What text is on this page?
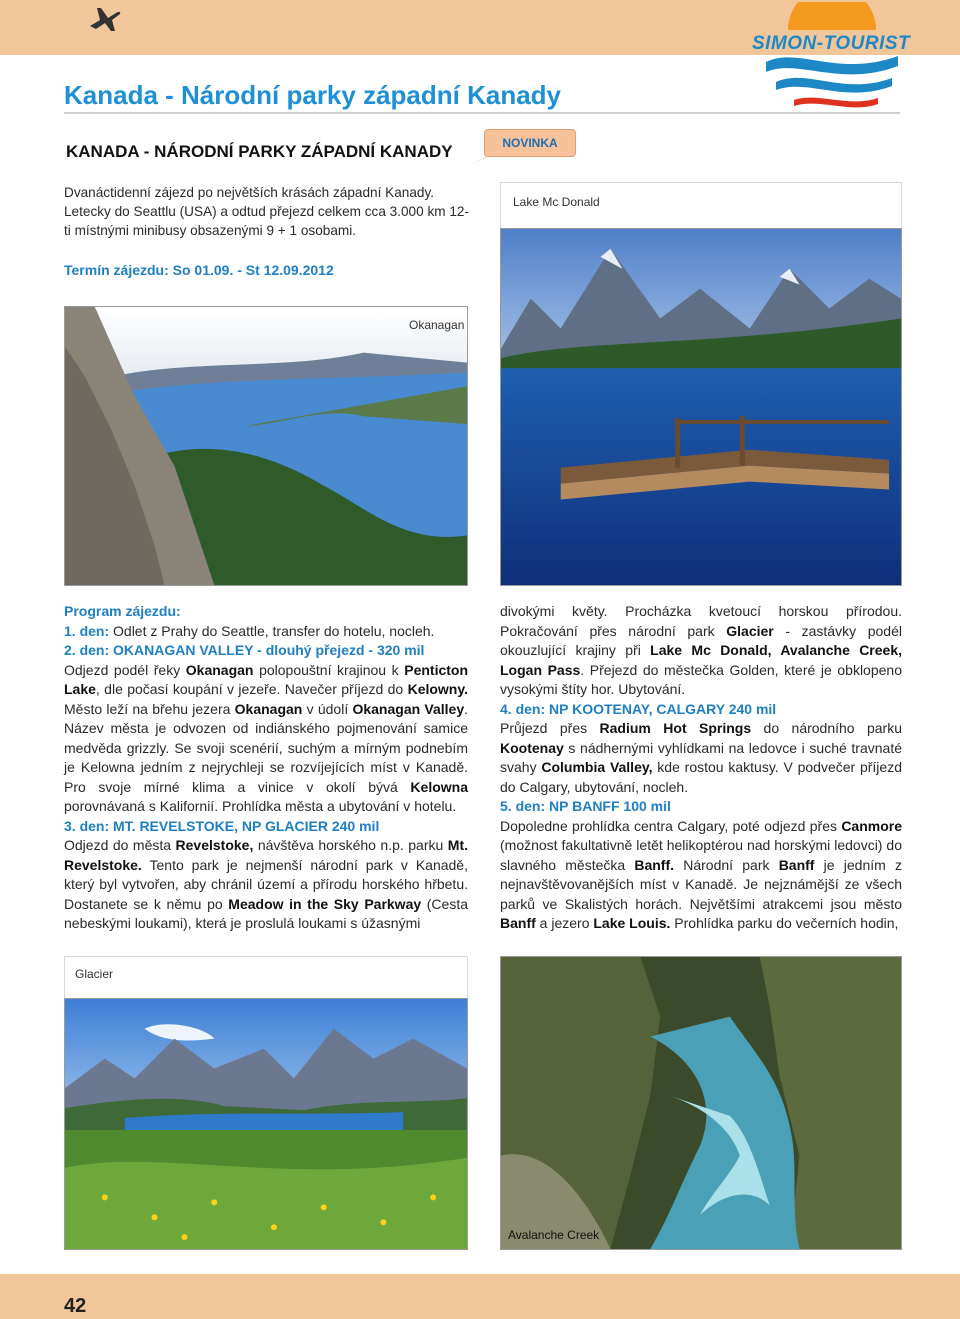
SIMON-TOURIST
Kanada - Národní parky západní Kanady
KANADA - NÁRODNÍ PARKY ZÁPADNÍ KANADY	NOVINKA
Dvanáctidenní zájezd po největších krásách západní Kanady. Letecky do Seattlu (USA) a odtud přejezd celkem cca 3.000 km 12-ti místnými minibusy obsazenými 9 + 1 osobami.
Termín zájezdu: So 01.09. - St 12.09.2012
Lake Mc Donald
Okanagan

Program zájezdu:

1. den: Odlet z Prahy do Seattle, transfer do hotelu, nocleh.

2. den: OKANAGAN VALLEY - dlouhý přejezd - 320 mil

Odjezd podél řeky Okanagan polopouštní krajinou k Penticton Lake, dle počasí koupání v jezeře. Navečer příjezd do Kelowny. Město leží na břehu jezera Okanagan v údolí Okanagan Valley. Název města je odvozen od indiánského pojmenování samice medvěda grizzly. Se svoji scenérií, suchým a mírným podnebím je Kelowna jedním z nejrychleji se rozvíjejících míst v Kanadě. Pro svoje mírné klima a vinice v okolí bývá Kelowna porovnávaná s Kalifornií. Prohlídka města a ubytování v hotelu.

3. den: MT. REVELSTOKE, NP GLACIER 240 mil

Odjezd do města Revelstoke, návštěva horského n.p. parku Mt. Revelstoke. Tento park je nejmenší národní park v Kanadě, který byl vytvořen, aby chránil území a přírodu horského hřbetu. Dostanete se k němu po Meadow in the Sky Parkway (Cesta nebeskými loukami), která je proslulá loukami s úžasnými

divokými květy. Procházka kvetoucí horskou přírodou. Pokračování přes národní park Glacier - zastávky podél okouzlující krajiny při Lake Mc Donald, Avalanche Creek, Logan Pass. Přejezd do městečka Golden, které je obklopeno vysokými štíty hor. Ubytování.

4. den: NP KOOTENAY, CALGARY 240 mil

Průjezd přes Radium Hot Springs do národního parku Kootenay s nádhernými vyhlídkami na ledovce i suché travnaté svahy Columbia Valley, kde rostou kaktusy. V podvečer příjezd do Calgary, ubytování, nocleh.

5. den: NP BANFF 100 mil

Dopoledne prohlídka centra Calgary, poté odjezd přes Canmore (možnost fakultativně letět helikoptérou nad horskými ledovci) do slavného městečka Banff. Národní park Banff je jedním z nejnavštěvovanějších míst v Kanadě. Je nejznámější ze všech parků ve Skalistých horách. Největšími atrakcemi jsou město Banff a jezero Lake Louis. Prohlídka parku do večerních hodin,

Glacier
Avalanche Creek
42
